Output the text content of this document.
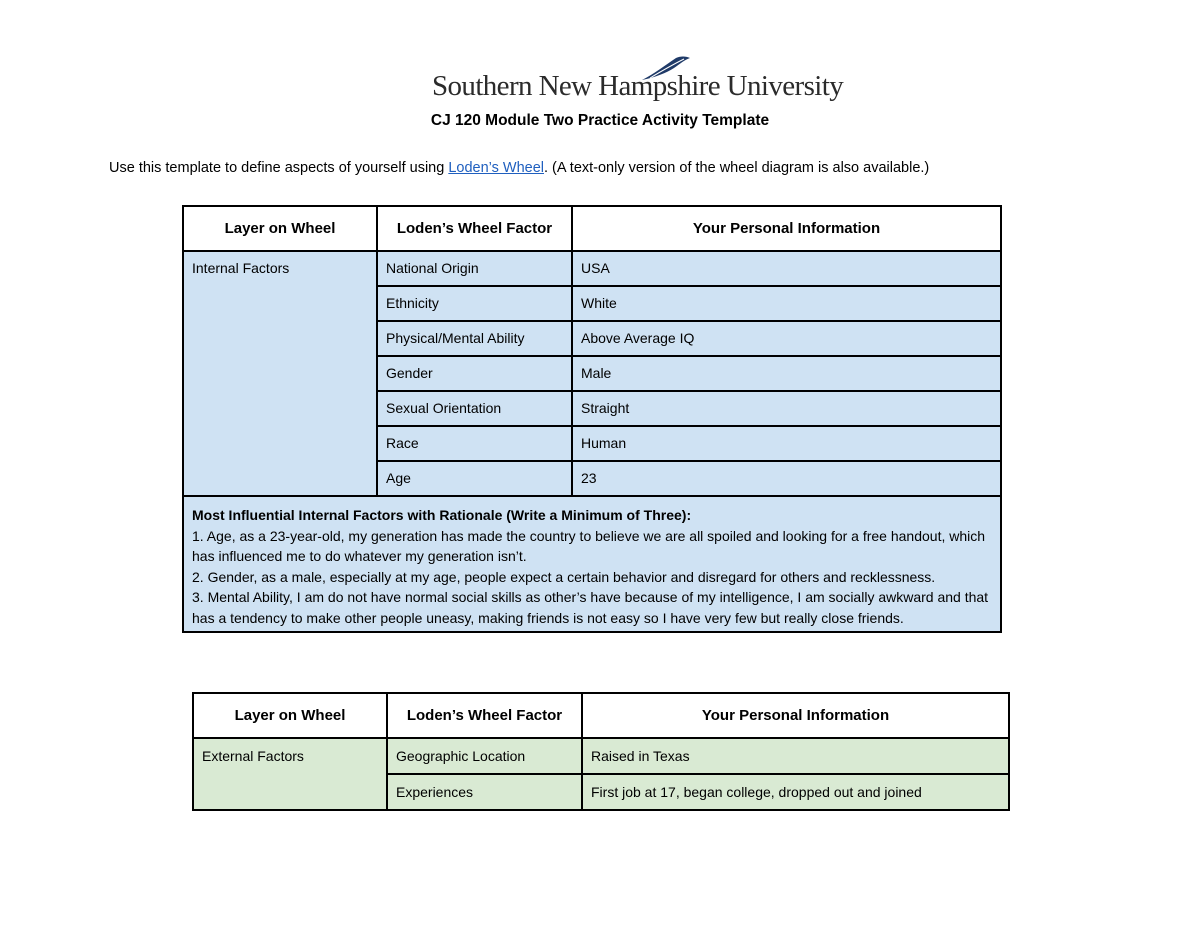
Southern New Hampshire University
CJ 120 Module Two Practice Activity Template
Use this template to define aspects of yourself using Loden’s Wheel. (A text-only version of the wheel diagram is also available.)
Layer on Wheel	Loden’s Wheel Factor	Your Personal Information
Internal Factors	National Origin	USA
	Ethnicity	White
	Physical/Mental Ability	Above Average IQ
	Gender	Male
	Sexual Orientation	Straight
	Race	Human
	Age	23

Most Influential Internal Factors with Rationale (Write a Minimum of Three):
1. Age, as a 23-year-old, my generation has made the country to believe we are all spoiled and looking for a free handout, which has influenced me to do whatever my generation isn’t.
2. Gender, as a male, especially at my age, people expect a certain behavior and disregard for others and recklessness.
3. Mental Ability, I am do not have normal social skills as other’s have because of my intelligence, I am socially awkward and that has a tendency to make other people uneasy, making friends is not easy so I have very few but really close friends.		
Layer on Wheel	Loden’s Wheel Factor	Your Personal Information
External Factors	Geographic Location	Raised in Texas
	Experiences	First job at 17, began college, dropped out and joined
